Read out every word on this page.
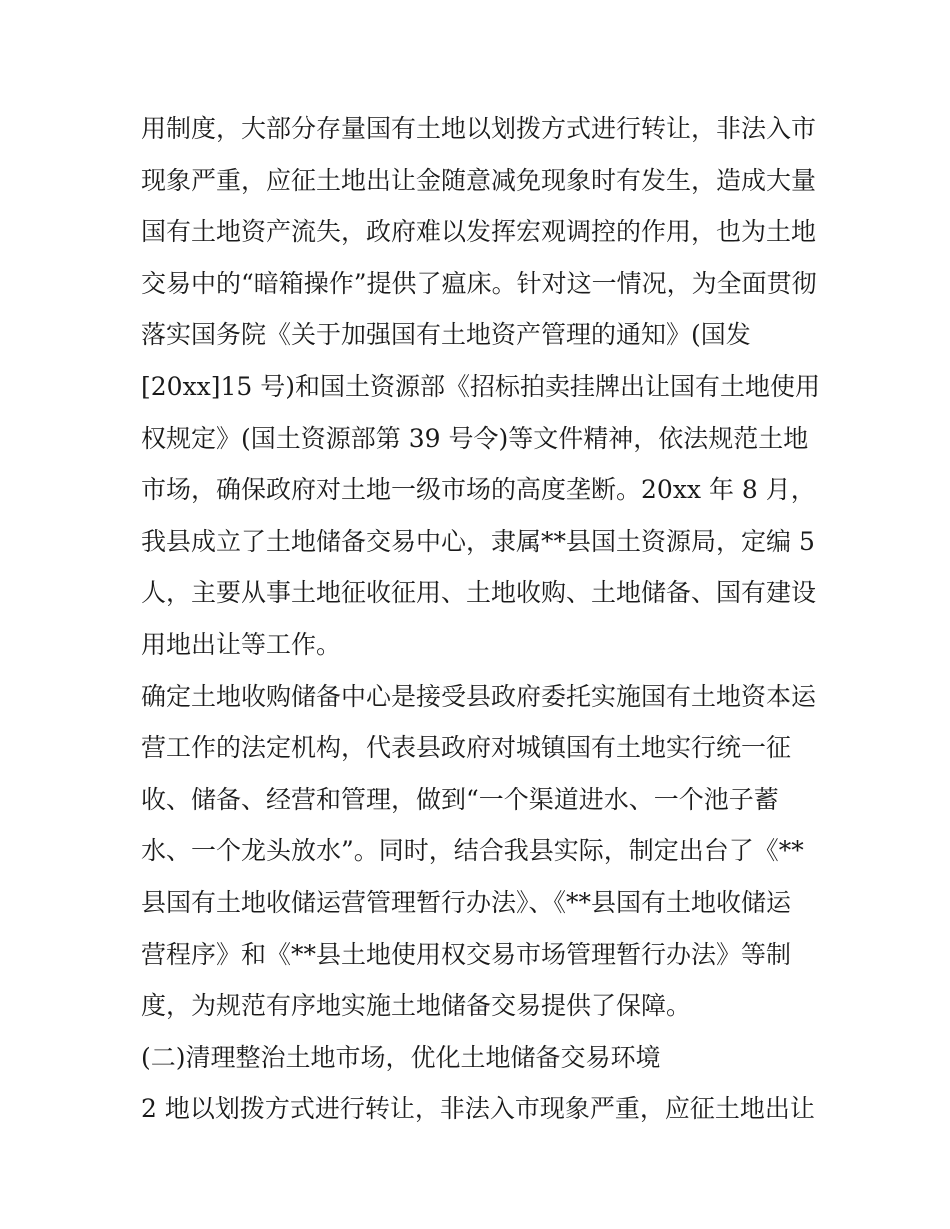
用制度，大部分存量国有土地以划拨方式进行转让，非法入市
现象严重，应征土地出让金随意减免现象时有发生，造成大量
国有土地资产流失，政府难以发挥宏观调控的作用，也为土地
交易中的“暗箱操作”提供了瘟床。针对这一情况，为全面贯彻
落实国务院《关于加强国有土地资产管理的通知》(国发
[20xx]15 号)和国土资源部《招标拍卖挂牌出让国有土地使用
权规定》(国土资源部第 39 号令)等文件精神，依法规范土地
市场，确保政府对土地一级市场的高度垄断。20xx 年 8 月，
我县成立了土地储备交易中心，隶属**县国土资源局，定编 5
人，主要从事土地征收征用、土地收购、土地储备、国有建设
用地出让等工作。
确定土地收购储备中心是接受县政府委托实施国有土地资本运
营工作的法定机构，代表县政府对城镇国有土地实行统一征
收、储备、经营和管理，做到“一个渠道进水、一个池子蓄
水、一个龙头放水”。同时，结合我县实际，制定出台了《**
县国有土地收储运营管理暂行办法》、《**县国有土地收储运
营程序》和《**县土地使用权交易市场管理暂行办法》等制
度，为规范有序地实施土地储备交易提供了保障。
(二)清理整治土地市场，优化土地储备交易环境
2 地以划拨方式进行转让，非法入市现象严重，应征土地出让
